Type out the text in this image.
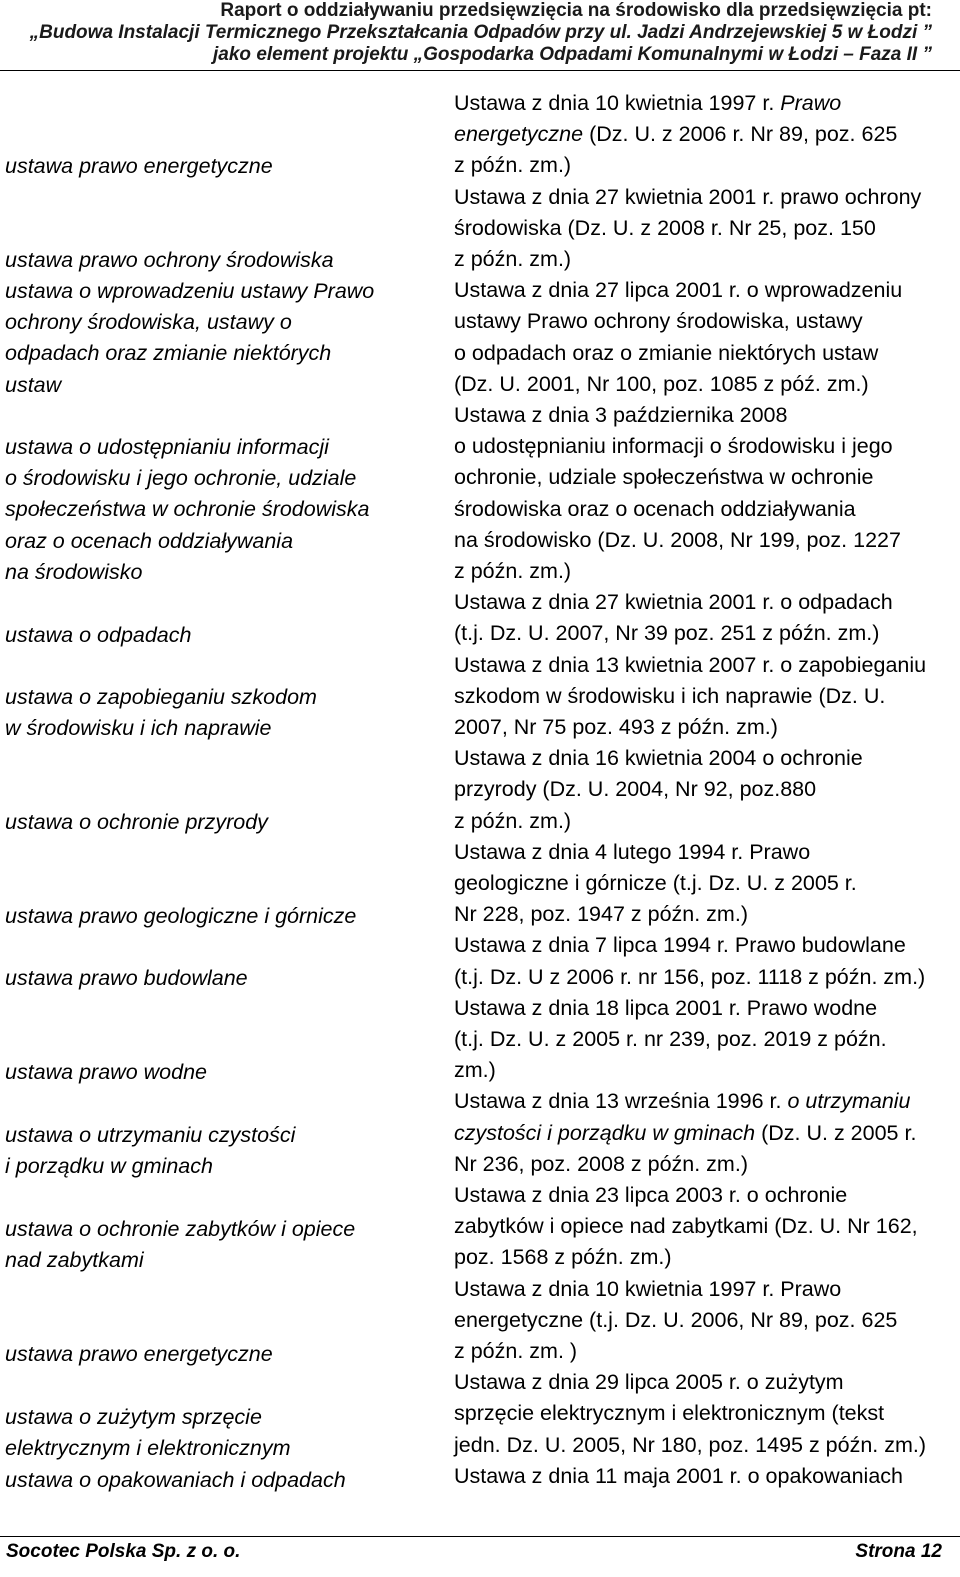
Raport o oddziaływaniu przedsięwzięcia na środowisko dla przedsięwzięcia pt:
„Budowa Instalacji Termicznego Przekształcania Odpadów przy ul. Jadzi Andrzejewskiej 5 w Łodzi ”
jako element projektu „Gospodarka Odpadami Komunalnymi w Łodzi – Faza II ”
ustawa prawo energetyczne
ustawa prawo ochrony środowiska
ustawa o wprowadzeniu ustawy Prawo
ochrony środowiska, ustawy o
odpadach oraz zmianie niektórych
ustaw
ustawa o udostępnianiu informacji
o środowisku i jego ochronie, udziale
społeczeństwa w ochronie środowiska
oraz o ocenach oddziaływania
na środowisko
ustawa o odpadach
ustawa o zapobieganiu szkodom
w środowisku i ich naprawie
ustawa o ochronie przyrody
ustawa prawo geologiczne i górnicze
ustawa prawo budowlane
ustawa prawo wodne
ustawa o utrzymaniu czystości
i porządku w gminach
ustawa o ochronie zabytków i opiece
nad zabytkami
ustawa prawo energetyczne
ustawa o zużytym sprzęcie
elektrycznym i elektronicznym
ustawa o opakowaniach i odpadach
Ustawa z dnia 10 kwietnia 1997 r. Prawo
energetyczne (Dz. U. z 2006 r. Nr 89, poz. 625
z późn. zm.)
Ustawa z dnia 27 kwietnia 2001 r. prawo ochrony
środowiska (Dz. U. z 2008 r. Nr 25, poz. 150
z późn. zm.)
Ustawa z dnia 27 lipca 2001 r. o wprowadzeniu
ustawy Prawo ochrony środowiska, ustawy
o odpadach oraz o zmianie niektórych ustaw
(Dz. U. 2001, Nr 100, poz. 1085 z póź. zm.)
Ustawa z dnia 3 października 2008
o udostępnianiu informacji o środowisku i jego
ochronie, udziale społeczeństwa w ochronie
środowiska oraz o ocenach oddziaływania
na środowisko (Dz. U. 2008, Nr 199, poz. 1227
z późn. zm.)
Ustawa z dnia 27 kwietnia 2001 r. o odpadach
(t.j. Dz. U. 2007, Nr 39 poz. 251 z późn. zm.)
Ustawa z dnia 13 kwietnia 2007 r. o zapobieganiu
szkodom w środowisku i ich naprawie (Dz. U.
2007, Nr 75 poz. 493 z późn. zm.)
Ustawa z dnia 16 kwietnia 2004 o ochronie
przyrody (Dz. U. 2004, Nr 92, poz.880
z późn. zm.)
Ustawa z dnia 4 lutego 1994 r. Prawo
geologiczne i górnicze (t.j. Dz. U. z 2005 r.
Nr 228, poz. 1947 z późn. zm.)
Ustawa z dnia 7 lipca 1994 r. Prawo budowlane
(t.j. Dz. U z 2006 r. nr 156, poz. 1118 z późn. zm.)
Ustawa z dnia 18 lipca 2001 r. Prawo wodne
(t.j. Dz. U. z 2005 r. nr 239, poz. 2019 z późn.
zm.)
Ustawa z dnia 13 września 1996 r. o utrzymaniu
czystości i porządku w gminach (Dz. U. z 2005 r.
Nr 236, poz. 2008 z późn. zm.)
Ustawa z dnia 23 lipca 2003 r. o ochronie
zabytków i opiece nad zabytkami (Dz. U. Nr 162,
poz. 1568 z późn. zm.)
Ustawa z dnia 10 kwietnia 1997 r. Prawo
energetyczne (t.j. Dz. U. 2006, Nr 89, poz. 625
z późn. zm. )
Ustawa z dnia 29 lipca 2005 r. o zużytym
sprzęcie elektrycznym i elektronicznym (tekst
jedn. Dz. U. 2005, Nr 180, poz. 1495 z późn. zm.)
Ustawa z dnia 11 maja 2001 r. o opakowaniach
Socotec Polska Sp. z o. o.	Strona 12
